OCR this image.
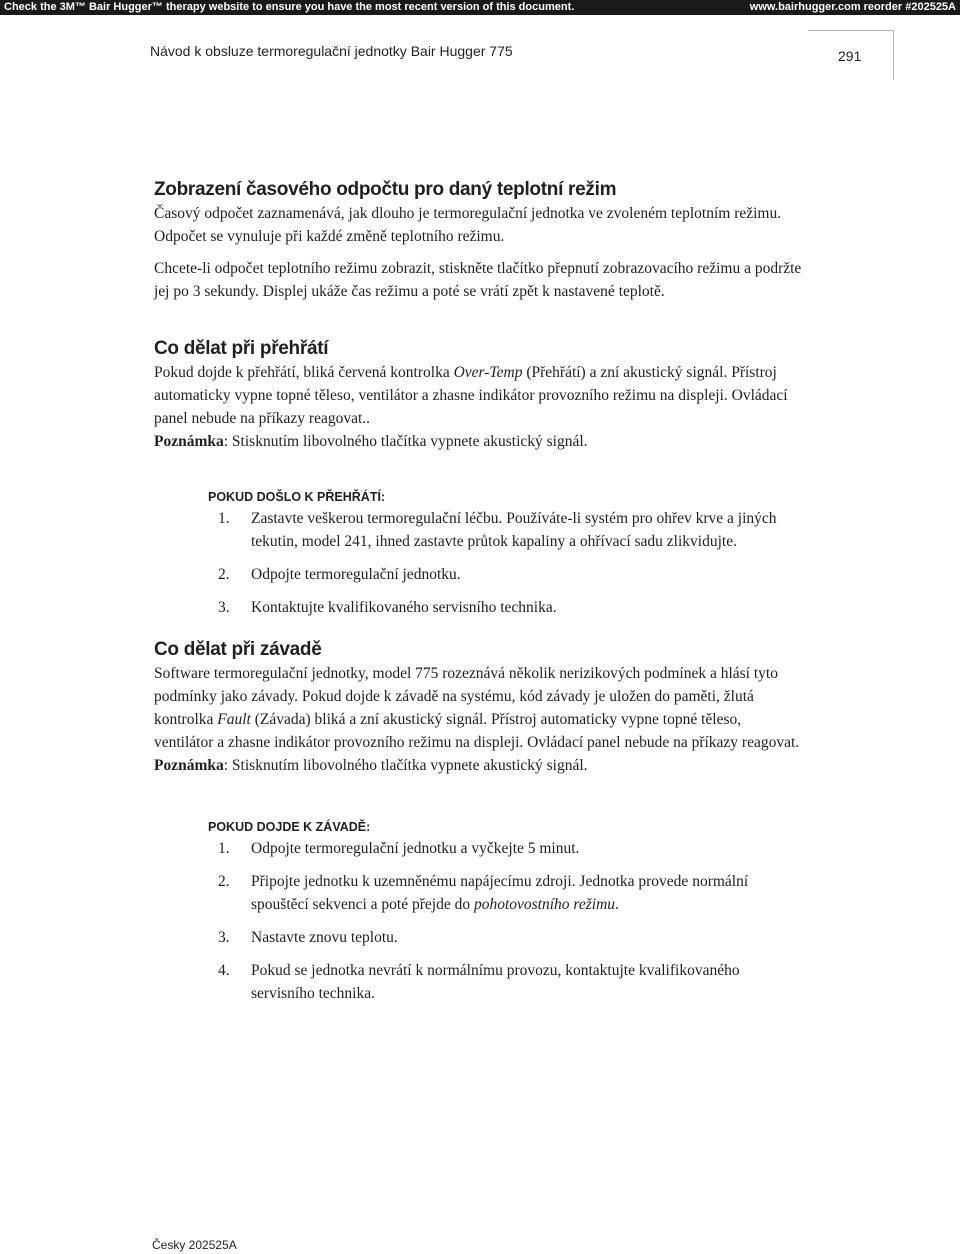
Check the 3M™ Bair Hugger™ therapy website to ensure you have the most recent version of this document.	www.bairhugger.com reorder #202525A
Návod k obsluze termoregulační jednotky Bair Hugger 775	291
Zobrazení časového odpočtu pro daný teplotní režim

Časový odpočet zaznamenává, jak dlouho je termoregulační jednotka ve zvoleném teplotním režimu. Odpočet se vynuluje při každé změně teplotního režimu.

Chcete-li odpočet teplotního režimu zobrazit, stiskněte tlačítko přepnutí zobrazovacího režimu a podržte jej po 3 sekundy. Displej ukáže čas režimu a poté se vrátí zpět k nastavené teplotě.

Co dělat při přehřátí

Pokud dojde k přehřátí, bliká červená kontrolka Over-Temp (Přehřátí) a zní akustický signál. Přístroj automaticky vypne topné těleso, ventilátor a zhasne indikátor provozního režimu na displeji. Ovládací panel nebude na příkazy reagovat..

Poznámka: Stisknutím libovolného tlačítka vypnete akustický signál.

POKUD DOŠLO K PŘEHŘÁTÍ:
1. Zastavte veškerou termoregulační léčbu. Používáte-li systém pro ohřev krve a jiných tekutin, model 241, ihned zastavte průtok kapaliny a ohřívací sadu zlikvidujte.
2. Odpojte termoregulační jednotku.
3. Kontaktujte kvalifikovaného servisního technika.
Co dělat při závadě

Software termoregulační jednotky, model 775 rozeznává několik nerizikových podmínek a hlásí tyto podmínky jako závady. Pokud dojde k závadě na systému, kód závady je uložen do paměti, žlutá kontrolka Fault (Závada) bliká a zní akustický signál. Přístroj automaticky vypne topné těleso, ventilátor a zhasne indikátor provozního režimu na displeji. Ovládací panel nebude na příkazy reagovat.

Poznámka: Stisknutím libovolného tlačítka vypnete akustický signál.

POKUD DOJDE K ZÁVADĚ:
1. Odpojte termoregulační jednotku a vyčkejte 5 minut.
2. Připojte jednotku k uzemněnému napájecímu zdroji. Jednotka provede normální spouštěcí sekvenci a poté přejde do pohotovostního režimu.
3. Nastavte znovu teplotu.
4. Pokud se jednotka nevrátí k normálnímu provozu, kontaktujte kvalifikovaného servisního technika.
Česky 202525A
